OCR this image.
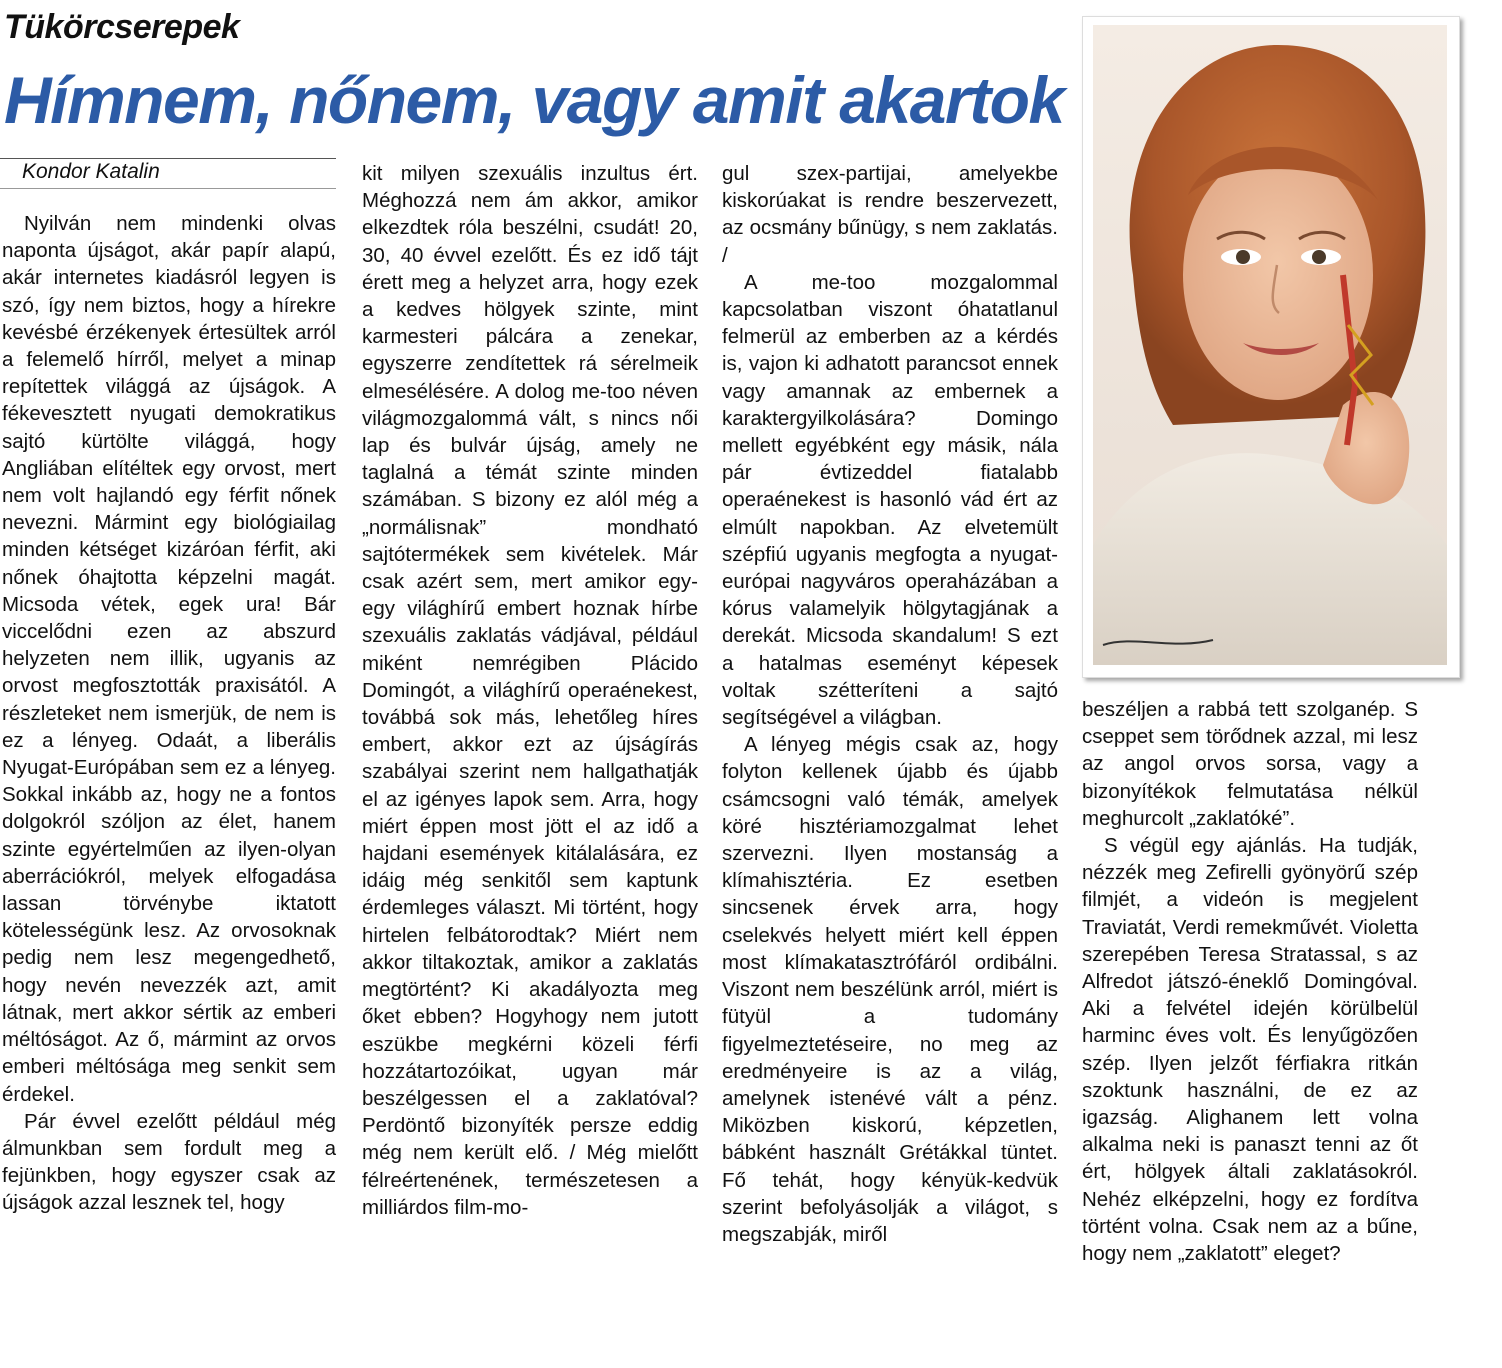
Tükörcserepek
Hímnem, nőnem, vagy amit akartok
Kondor Katalin

Nyilván nem mindenki olvas naponta újságot, akár papír alapú, akár internetes kiadásról legyen is szó, így nem biztos, hogy a hírekre kevésbé érzékenyek értesültek arról a felemelő hírről, melyet a minap repítettek világgá az újságok. A fékevesztett nyugati demokratikus sajtó kürtölte világgá, hogy Angliában elítéltek egy orvost, mert nem volt hajlandó egy férfit nőnek nevezni. Mármint egy biológiailag minden kétséget kizáróan férfit, aki nőnek óhajtotta képzelni magát. Micsoda vétek, egek ura! Bár viccelődni ezen az abszurd helyzeten nem illik, ugyanis az orvost megfosztották praxisától. A részleteket nem ismerjük, de nem is ez a lényeg. Odaát, a liberális Nyugat-Európában sem ez a lényeg. Sokkal inkább az, hogy ne a fontos dolgokról szóljon az élet, hanem szinte egyértelműen az ilyen-olyan aberrációkról, melyek elfogadása lassan törvénybe iktatott kötelességünk lesz. Az orvosoknak pedig nem lesz megengedhető, hogy nevén nevezzék azt, amit látnak, mert akkor sértik az emberi méltóságot. Az ő, mármint az orvos emberi méltósága meg senkit sem érdekel.

Pár évvel ezelőtt például még álmunkban sem fordult meg a fejünkben, hogy egyszer csak az újságok azzal lesznek tel, hogy

kit milyen szexuális inzultus ért. Méghozzá nem ám akkor, amikor elkezdtek róla beszélni, csudát! 20, 30, 40 évvel ezelőtt. És ez idő tájt érett meg a helyzet arra, hogy ezek a kedves hölgyek szinte, mint karmesteri pálcára a zenekar, egyszerre zendítettek rá sérelmeik elmesélésére. A dolog me-too néven világmozgalommá vált, s nincs női lap és bulvár újság, amely ne taglalná a témát szinte minden számában. S bizony ez alól még a „normálisnak” mondható sajtótermékek sem kivételek. Már csak azért sem, mert amikor egy-egy világhírű embert hoznak hírbe szexuális zaklatás vádjával, például miként nemrégiben Plácido Domingót, a világhírű operaénekest, továbbá sok más, lehetőleg híres embert, akkor ezt az újságírás szabályai szerint nem hallgathatják el az igényes lapok sem. Arra, hogy miért éppen most jött el az idő a hajdani események kitálalására, ez idáig még senkitől sem kaptunk érdemleges választ. Mi történt, hogy hirtelen felbátorodtak? Miért nem akkor tiltakoztak, amikor a zaklatás megtörtént? Ki akadályozta meg őket ebben? Hogyhogy nem jutott eszükbe megkérni közeli férfi hozzátartozóikat, ugyan már beszélgessen el a zaklatóval? Perdöntő bizonyíték persze eddig még nem került elő. / Még mielőtt félreértenének, természetesen a milliárdos film-mo-

gul szex-partijai, amelyekbe kiskorúakat is rendre beszervezett, az ocsmány bűnügy, s nem zaklatás. /

A me-too mozgalommal kapcsolatban viszont óhatatlanul felmerül az emberben az a kérdés is, vajon ki adhatott parancsot ennek vagy amannak az embernek a karaktergyilkolására? Domingo mellett egyébként egy másik, nála pár évtizeddel fiatalabb operaénekest is hasonló vád ért az elmúlt napokban. Az elvetemült szépfiú ugyanis megfogta a nyugat-európai nagyváros operaházában a kórus valamelyik hölgytagjának a derekát. Micsoda skandalum! S ezt a hatalmas eseményt képesek voltak szétteríteni a sajtó segítségével a világban.

A lényeg mégis csak az, hogy folyton kellenek újabb és újabb csámcsogni való témák, amelyek köré hisztériamozgalmat lehet szervezni. Ilyen mostanság a klímahisztéria. Ez esetben sincsenek érvek arra, hogy cselekvés helyett miért kell éppen most klímakatasztrófáról ordibálni. Viszont nem beszélünk arról, miért is fütyül a tudomány figyelmeztetéseire, no meg az eredményeire is az a világ, amelynek istenévé vált a pénz. Miközben kiskorú, képzetlen, bábként használt Grétákkal tüntet. Fő tehát, hogy kényük-kedvük szerint befolyásolják a világot, s megszabják, miről

beszéljen a rabbá tett szolganép. S cseppet sem törődnek azzal, mi lesz az angol orvos sorsa, vagy a bizonyítékok felmutatása nélkül meghurcolt „zaklatóké”.

S végül egy ajánlás. Ha tudják, nézzék meg Zefirelli gyönyörű szép filmjét, a videón is megjelent Traviatát, Verdi remekművét. Violetta szerepében Teresa Stratassal, s az Alfredot játszó-éneklő Domingóval. Aki a felvétel idején körülbelül harminc éves volt. És lenyűgözően szép. Ilyen jelzőt férfiakra ritkán szoktunk használni, de ez az igazság. Alighanem lett volna alkalma neki is panaszt tenni az őt ért, hölgyek általi zaklatásokról. Nehéz elképzelni, hogy ez fordítva történt volna. Csak nem az a bűne, hogy nem „zaklatott” eleget?
